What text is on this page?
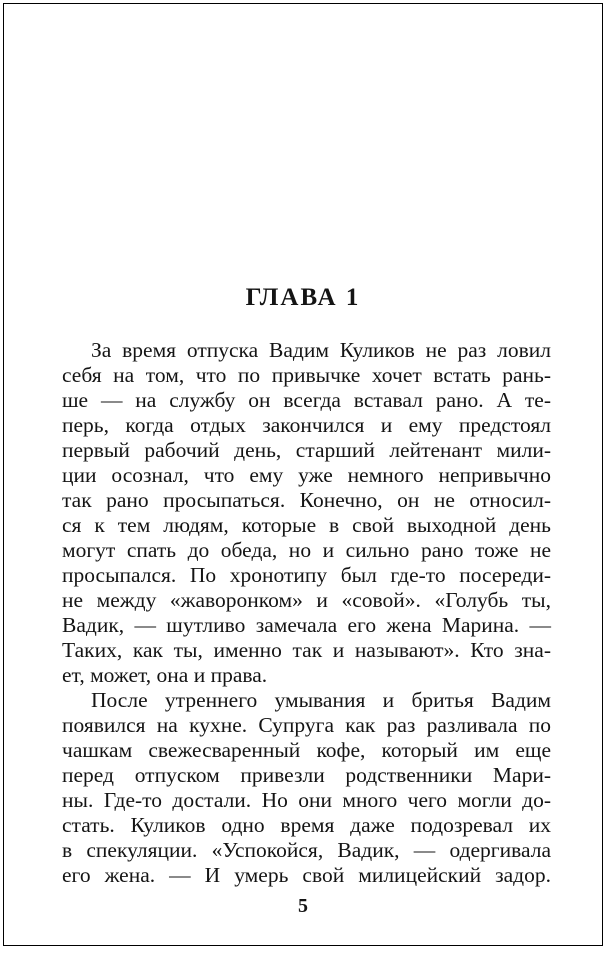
ГЛАВА 1
За время отпуска Вадим Куликов не раз ловил
себя на том, что по привычке хочет встать рань-
ше — на службу он всегда вставал рано. А те-
перь, когда отдых закончился и ему предстоял
первый рабочий день, старший лейтенант мили-
ции осознал, что ему уже немного непривычно
так рано просыпаться. Конечно, он не относил-
ся к тем людям, которые в свой выходной день
могут спать до обеда, но и сильно рано тоже не
просыпался. По хронотипу был где-то посереди-
не между «жаворонком» и «совой». «Голубь ты,
Вадик, — шутливо замечала его жена Марина. —
Таких, как ты, именно так и называют». Кто зна-
ет, может, она и права.
После утреннего умывания и бритья Вадим
появился на кухне. Супруга как раз разливала по
чашкам свежесваренный кофе, который им еще
перед отпуском привезли родственники Мари-
ны. Где-то достали. Но они много чего могли до-
стать. Куликов одно время даже подозревал их
в спекуляции. «Успокойся, Вадик, — одергивала
его жена. — И умерь свой милицейский задор.
5
